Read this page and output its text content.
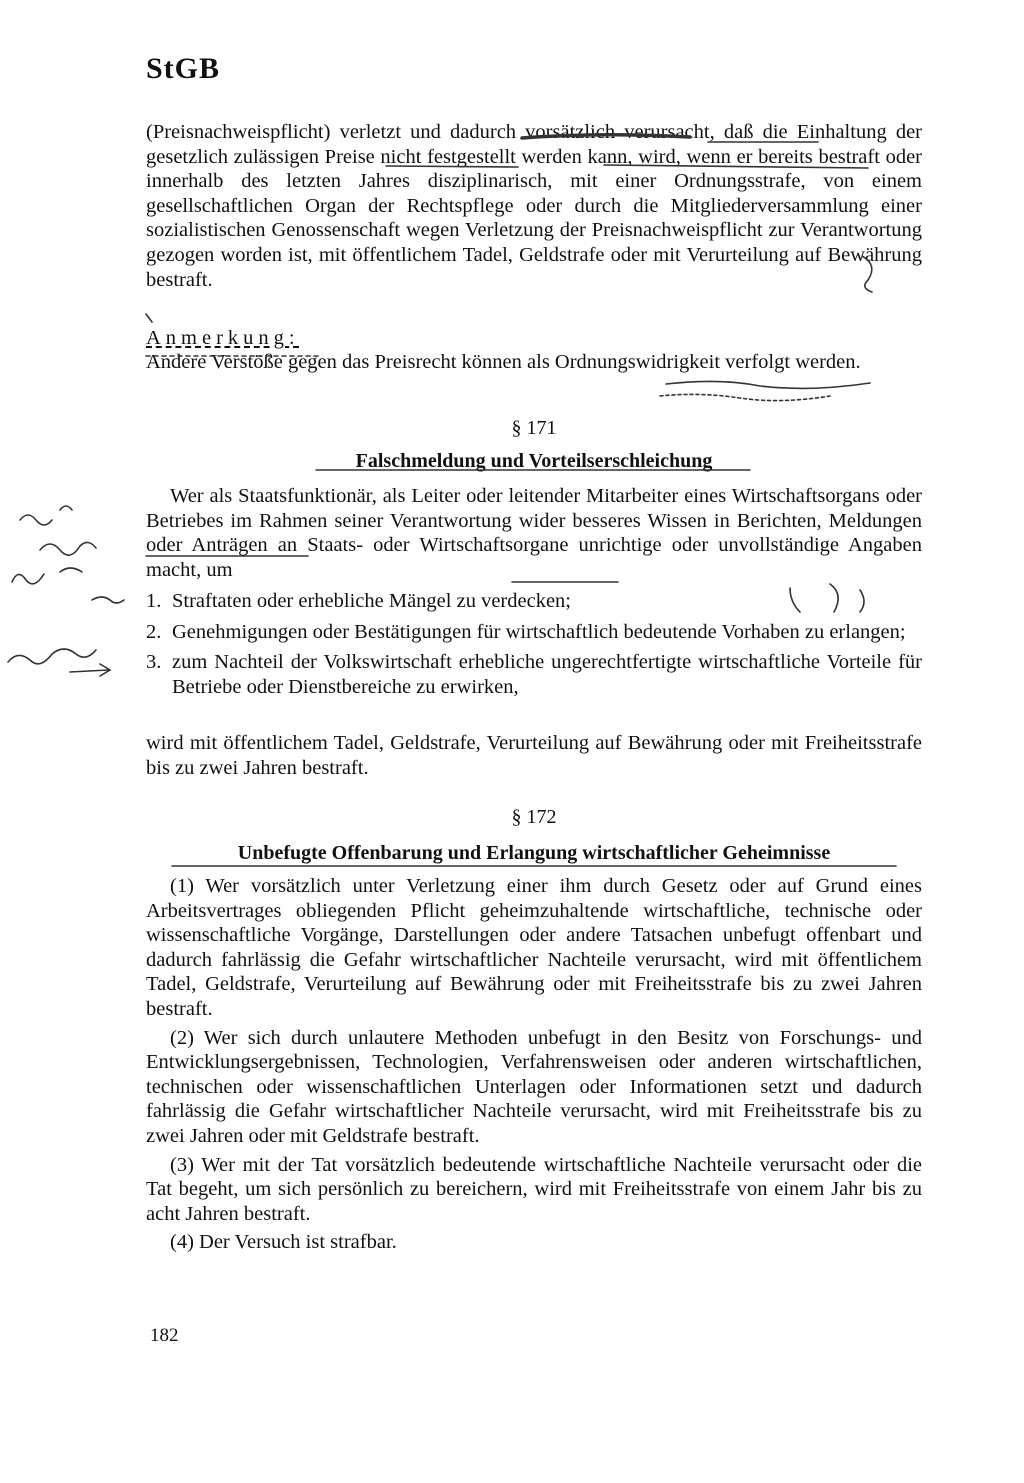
StGB

(Preisnachweispflicht) verletzt und dadurch vorsätzlich verursacht, daß die Einhaltung der gesetzlich zulässigen Preise nicht festgestellt werden kann, wird, wenn er bereits bestraft oder innerhalb des letzten Jahres disziplinarisch, mit einer Ordnungsstrafe, von einem gesellschaftlichen Organ der Rechtspflege oder durch die Mitgliederversammlung einer sozialistischen Genossenschaft wegen Verletzung der Preisnachweispflicht zur Verantwortung gezogen worden ist, mit öffentlichem Tadel, Geldstrafe oder mit Verurteilung auf Bewährung bestraft.

Anmerkung:

Andere Verstöße gegen das Preisrecht können als Ordnungswidrigkeit verfolgt werden.

§ 171
Falschmeldung und Vorteilserschleichung

Wer als Staatsfunktionär, als Leiter oder leitender Mitarbeiter eines Wirtschaftsorgans oder Betriebes im Rahmen seiner Verantwortung wider besseres Wissen in Berichten, Meldungen oder Anträgen an Staats- oder Wirtschaftsorgane unrichtige oder unvollständige Angaben macht, um

1. Straftaten oder erhebliche Mängel zu verdecken;
2. Genehmigungen oder Bestätigungen für wirtschaftlich bedeutende Vorhaben zu erlangen;
3. zum Nachteil der Volkswirtschaft erhebliche ungerechtfertigte wirtschaftliche Vorteile für Betriebe oder Dienstbereiche zu erwirken,

wird mit öffentlichem Tadel, Geldstrafe, Verurteilung auf Bewährung oder mit Freiheitsstrafe bis zu zwei Jahren bestraft.

§ 172
Unbefugte Offenbarung und Erlangung wirtschaftlicher Geheimnisse

(1) Wer vorsätzlich unter Verletzung einer ihm durch Gesetz oder auf Grund eines Arbeitsvertrages obliegenden Pflicht geheimzuhaltende wirtschaftliche, technische oder wissenschaftliche Vorgänge, Darstellungen oder andere Tatsachen unbefugt offenbart und dadurch fahrlässig die Gefahr wirtschaftlicher Nachteile verursacht, wird mit öffentlichem Tadel, Geldstrafe, Verurteilung auf Bewährung oder mit Freiheitsstrafe bis zu zwei Jahren bestraft.

(2) Wer sich durch unlautere Methoden unbefugt in den Besitz von Forschungs- und Entwicklungsergebnissen, Technologien, Verfahrensweisen oder anderen wirtschaftlichen, technischen oder wissenschaftlichen Unterlagen oder Informationen setzt und dadurch fahrlässig die Gefahr wirtschaftlicher Nachteile verursacht, wird mit Freiheitsstrafe bis zu zwei Jahren oder mit Geldstrafe bestraft.

(3) Wer mit der Tat vorsätzlich bedeutende wirtschaftliche Nachteile verursacht oder die Tat begeht, um sich persönlich zu bereichern, wird mit Freiheitsstrafe von einem Jahr bis zu acht Jahren bestraft.

(4) Der Versuch ist strafbar.

182
